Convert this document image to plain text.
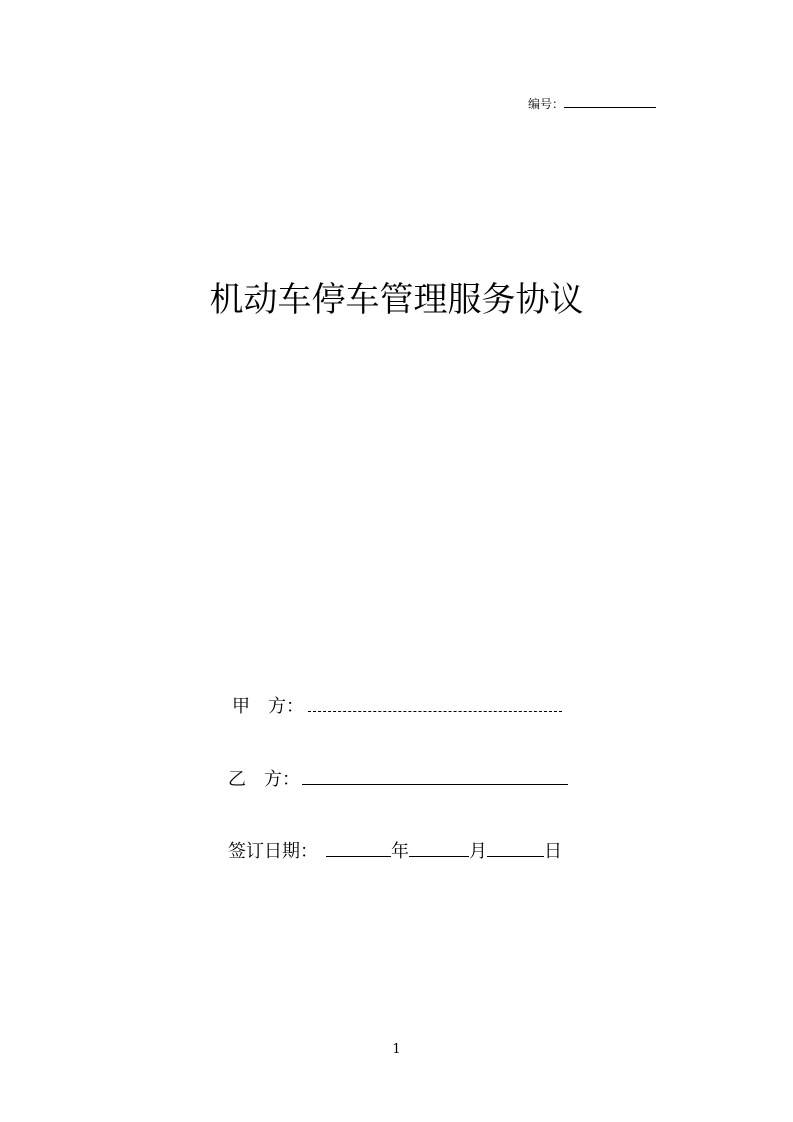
编号：
机动车停车管理服务协议
甲　方：
乙　方：
签订日期：	年	月	日
1
